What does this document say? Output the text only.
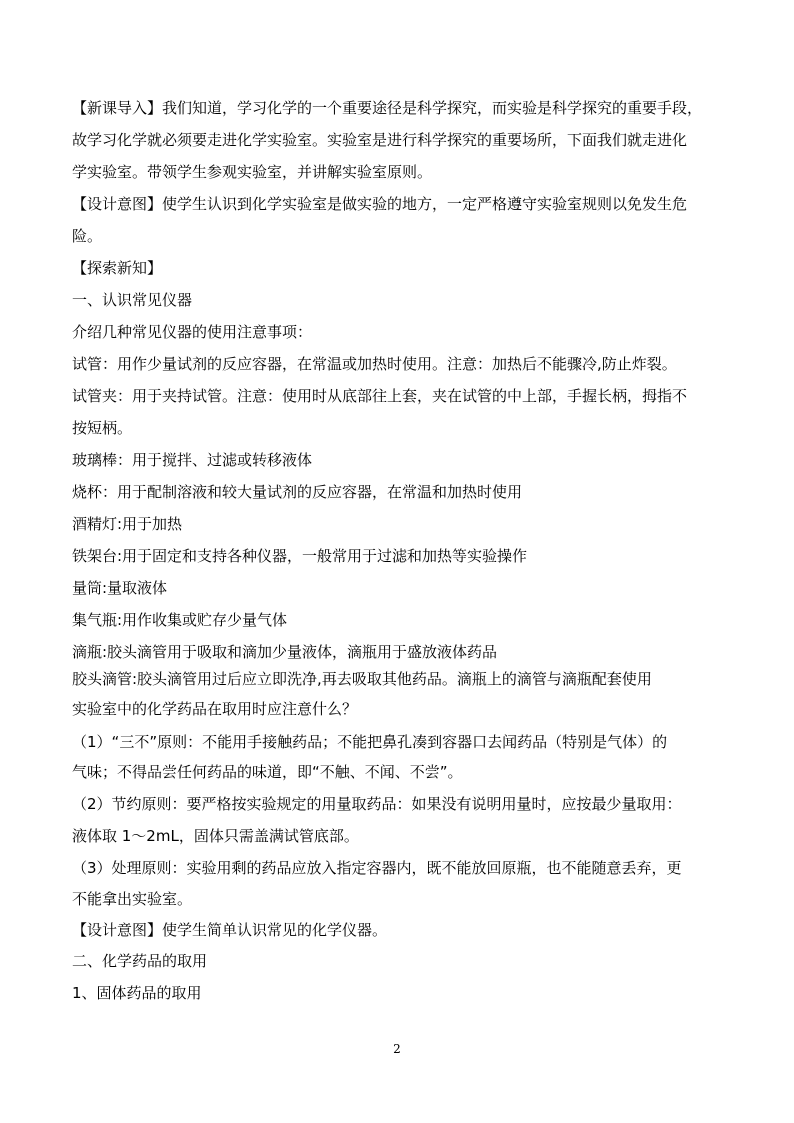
【新课导入】我们知道，学习化学的一个重要途径是科学探究，而实验是科学探究的重要手段，
故学习化学就必须要走进化学实验室。实验室是进行科学探究的重要场所，下面我们就走进化
学实验室。带领学生参观实验室，并讲解实验室原则。
【设计意图】使学生认识到化学实验室是做实验的地方，一定严格遵守实验室规则以免发生危
险。
【探索新知】
一、认识常见仪器
介绍几种常见仪器的使用注意事项：
试管：用作少量试剂的反应容器，在常温或加热时使用。注意：加热后不能骤冷,防止炸裂。
试管夹：用于夹持试管。注意：使用时从底部往上套，夹在试管的中上部，手握长柄，拇指不
按短柄。
玻璃棒：用于搅拌、过滤或转移液体
烧杯：用于配制溶液和较大量试剂的反应容器，在常温和加热时使用
酒精灯:用于加热
铁架台:用于固定和支持各种仪器，一般常用于过滤和加热等实验操作
量筒:量取液体
集气瓶:用作收集或贮存少量气体
滴瓶:胶头滴管用于吸取和滴加少量液体，滴瓶用于盛放液体药品
胶头滴管:胶头滴管用过后应立即洗净,再去吸取其他药品。滴瓶上的滴管与滴瓶配套使用
实验室中的化学药品在取用时应注意什么？
（1）“三不”原则：不能用手接触药品；不能把鼻孔凑到容器口去闻药品（特别是气体）的
气味；不得品尝任何药品的味道，即“不触、不闻、不尝”。
（2）节约原则：要严格按实验规定的用量取药品：如果没有说明用量时，应按最少量取用：
液体取 1～2mL，固体只需盖满试管底部。
（3）处理原则：实验用剩的药品应放入指定容器内，既不能放回原瓶，也不能随意丢弃，更
不能拿出实验室。
【设计意图】使学生简单认识常见的化学仪器。
二、化学药品的取用
1、固体药品的取用
2
